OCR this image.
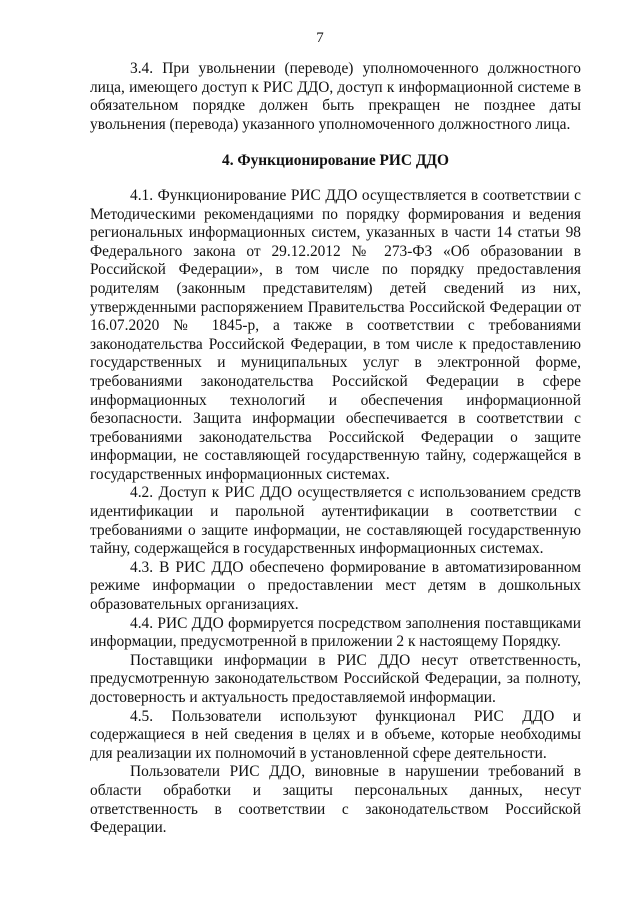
7

3.4. При увольнении (переводе) уполномоченного должностного лица, имеющего доступ к РИС ДДО, доступ к информационной системе в обязательном порядке должен быть прекращен не позднее даты увольнения (перевода) указанного уполномоченного должностного лица.

4. Функционирование РИС ДДО

4.1. Функционирование РИС ДДО осуществляется в соответствии с Методическими рекомендациями по порядку формирования и ведения региональных информационных систем, указанных в части 14 статьи 98 Федерального закона от 29.12.2012 № 273-ФЗ «Об образовании в Российской Федерации», в том числе по порядку предоставления родителям (законным представителям) детей сведений из них, утвержденными распоряжением Правительства Российской Федерации от 16.07.2020 № 1845-р, а также в соответствии с требованиями законодательства Российской Федерации, в том числе к предоставлению государственных и муниципальных услуг в электронной форме, требованиями законодательства Российской Федерации в сфере информационных технологий и обеспечения информационной безопасности. Защита информации обеспечивается в соответствии с требованиями законодательства Российской Федерации о защите информации, не составляющей государственную тайну, содержащейся в государственных информационных системах.

4.2. Доступ к РИС ДДО осуществляется с использованием средств идентификации и парольной аутентификации в соответствии с требованиями о защите информации, не составляющей государственную тайну, содержащейся в государственных информационных системах.

4.3. В РИС ДДО обеспечено формирование в автоматизированном режиме информации о предоставлении мест детям в дошкольных образовательных организациях.

4.4. РИС ДДО формируется посредством заполнения поставщиками информации, предусмотренной в приложении 2 к настоящему Порядку.

Поставщики информации в РИС ДДО несут ответственность, предусмотренную законодательством Российской Федерации, за полноту, достоверность и актуальность предоставляемой информации.

4.5. Пользователи используют функционал РИС ДДО и содержащиеся в ней сведения в целях и в объеме, которые необходимы для реализации их полномочий в установленной сфере деятельности.

Пользователи РИС ДДО, виновные в нарушении требований в области обработки и защиты персональных данных, несут ответственность в соответствии с законодательством Российской Федерации.
